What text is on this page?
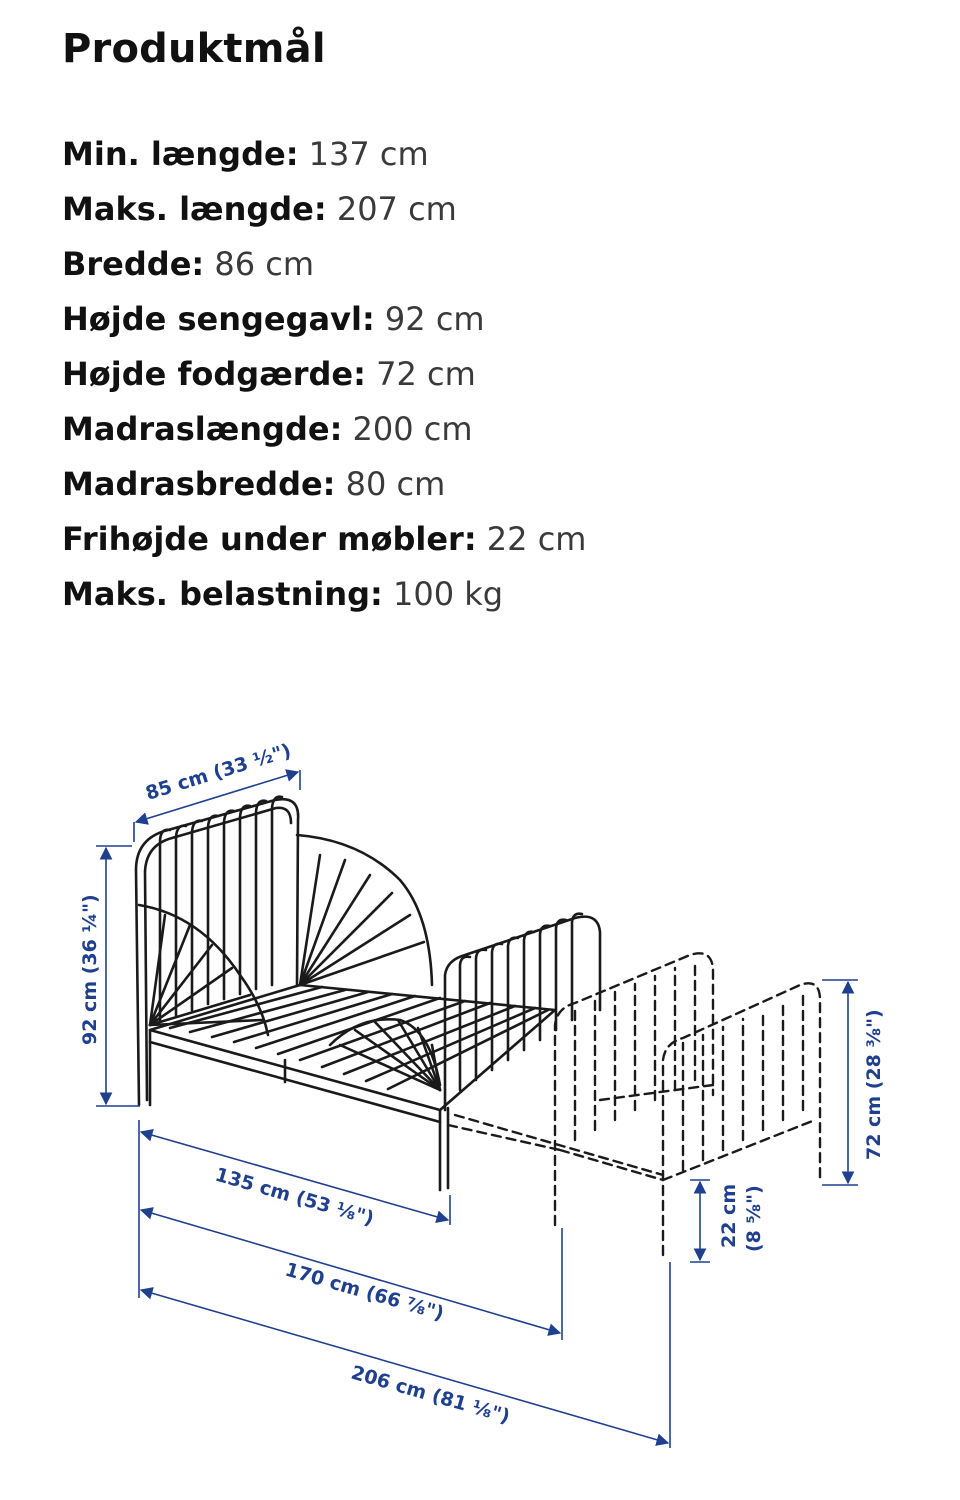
Produktmål
Min. længde: 137 cm
Maks. længde: 207 cm
Bredde: 86 cm
Højde sengegavl: 92 cm
Højde fodgærde: 72 cm
Madraslængde: 200 cm
Madrasbredde: 80 cm
Frihøjde under møbler: 22 cm
Maks. belastning: 100 kg
85 cm (33 ½")
92 cm (36 ¼")
72 cm (28 ⅜")
135 cm (53 ⅛")
170 cm (66 ⅞")
206 cm (81 ⅛")
22 cm (8 ⅝")
